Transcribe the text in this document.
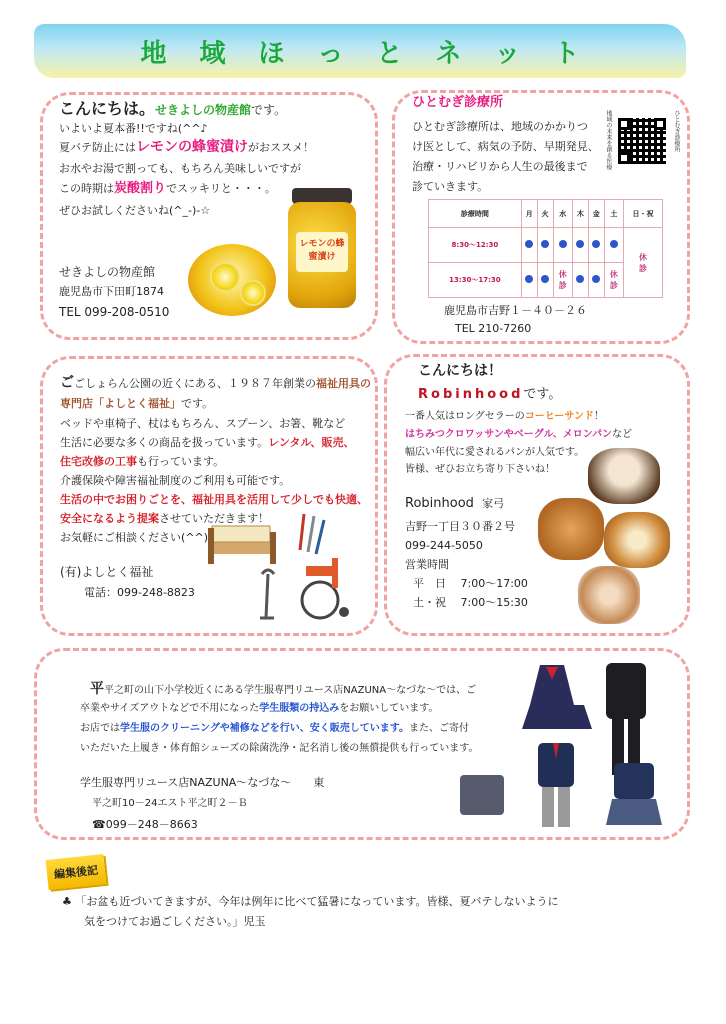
地域ほっとネット
こんにちは。せきよしの物産館です。
いよいよ夏本番!!ですね(^^♪
夏バテ防止にはレモンの蜂蜜漬けがおススメ！
お水やお湯で割っても、もちろん美味しいですが
この時期は炭酸割りでスッキリと・・・。
ぜひお試しくださいね(^_-)-☆
レモンの蜂蜜漬け
せきよしの物産館
鹿児島市下田町1874
TEL 099-208-0510
ひとむぎ診療所
ひとむぎ診療所は、地域のかかりつ
け医として、病気の予防、早期発見、
治療・リハビリから人生の最後まで
診ていきます。
地域の未来を創る医療	ひとむぎ診療所
診療時間	月	火	水	木	金	土	日・祝
8:30～12:30							休診

13:30～17:30			休診			休診	
鹿児島市吉野１－４０－２６
TEL 210-7260
ごごしょらん公園の近くにある、１９８７年創業の福祉用具の
専門店「よしとく福祉」です。
ベッドや車椅子、杖はもちろん、スプーン、お箸、靴など
生活に必要な多くの商品を扱っています。レンタル、販売、
住宅改修の工事も行っています。
介護保険や障害福祉制度のご利用も可能です。
生活の中でお困りごとを、福祉用具を活用して少しでも快適、
安全になるよう提案させていただきます！
お気軽にご相談ください(^^)
(有)よしとく福祉
電話：099-248-8823
こんにちは！
Robinhoodです。
一番人気はロングセラーのコーヒーサンド！
はちみつクロワッサンやベーグル、メロンパンなど
幅広い年代に愛されるパンが人気です。
皆様、ぜひお立ち寄り下さいね！
Robinhood 家弓
吉野一丁目３０番２号
099-244-5050
営業時間
平　日　 7:00～17:00
土・祝　 7:00～15:30
平平之町の山下小学校近くにある学生服専門リユース店NAZUNA～なづな～では、ご
卒業やサイズアウトなどで不用になった学生服類の持込みをお願いしています。
お店では学生服のクリーニングや補修などを行い、安く販売しています。また、ご寄付
いただいた上履き・体育館シューズの除菌洗浄・記名消し後の無償提供も行っています。
学生服専門リユース店NAZUNA～なづな～　　東
平之町10－24エスト平之町２－Ｂ
☎099－248－8663
編集後記
♣ 「お盆も近づいてきますが、今年は例年に比べて猛暑になっています。皆様、夏バテしないように
気をつけてお過ごしください。」児玉
